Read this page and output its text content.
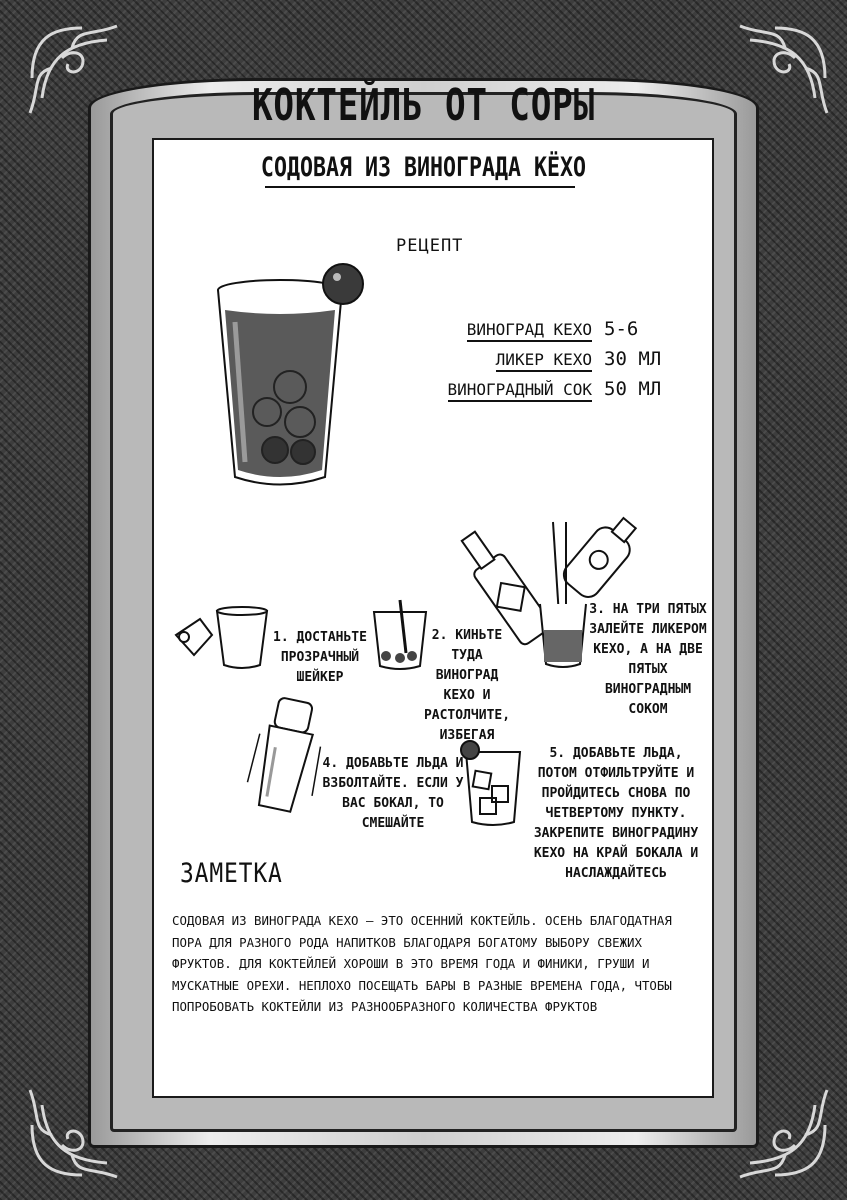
КОКТЕЙЛЬ ОТ СОРЫ
СОДОВАЯ ИЗ ВИНОГРАДА КЁХО
РЕЦЕПТ
ВИНОГРАД КЕХО 5-6
ЛИКЕР КЕХО 30 МЛ
ВИНОГРАДНЫЙ СОК 50 МЛ
1. ДОСТАНЬТЕ ПРОЗРАЧНЫЙ ШЕЙКЕР
2. КИНЬТЕ ТУДА ВИНОГРАД КЕХО И РАСТОЛЧИТЕ, ИЗБЕГАЯ
3. НА ТРИ ПЯТЫХ ЗАЛЕЙТЕ ЛИКЕРОМ КЕХО, А НА ДВЕ ПЯТЫХ ВИНОГРАДНЫМ СОКОМ
4. ДОБАВЬТЕ ЛЬДА И ВЗБОЛТАЙТЕ. ЕСЛИ У ВАС БОКАЛ, ТО СМЕШАЙТЕ
5. ДОБАВЬТЕ ЛЬДА, ПОТОМ ОТФИЛЬТРУЙТЕ И ПРОЙДИТЕСЬ СНОВА ПО ЧЕТВЕРТОМУ ПУНКТУ. ЗАКРЕПИТЕ ВИНОГРАДИНУ КЕХО НА КРАЙ БОКАЛА И НАСЛАЖДАЙТЕСЬ
ЗАМЕТКА
СОДОВАЯ ИЗ ВИНОГРАДА КЕХО – ЭТО ОСЕННИЙ КОКТЕЙЛЬ. ОСЕНЬ БЛАГОДАТНАЯ ПОРА ДЛЯ РАЗНОГО РОДА НАПИТКОВ БЛАГОДАРЯ БОГАТОМУ ВЫБОРУ СВЕЖИХ ФРУКТОВ. ДЛЯ КОКТЕЙЛЕЙ ХОРОШИ В ЭТО ВРЕМЯ ГОДА И ФИНИКИ, ГРУШИ И МУСКАТНЫЕ ОРЕХИ. НЕПЛОХО ПОСЕЩАТЬ БАРЫ В РАЗНЫЕ ВРЕМЕНА ГОДА, ЧТОБЫ ПОПРОБОВАТЬ КОКТЕЙЛИ ИЗ РАЗНООБРАЗНОГО КОЛИЧЕСТВА ФРУКТОВ
